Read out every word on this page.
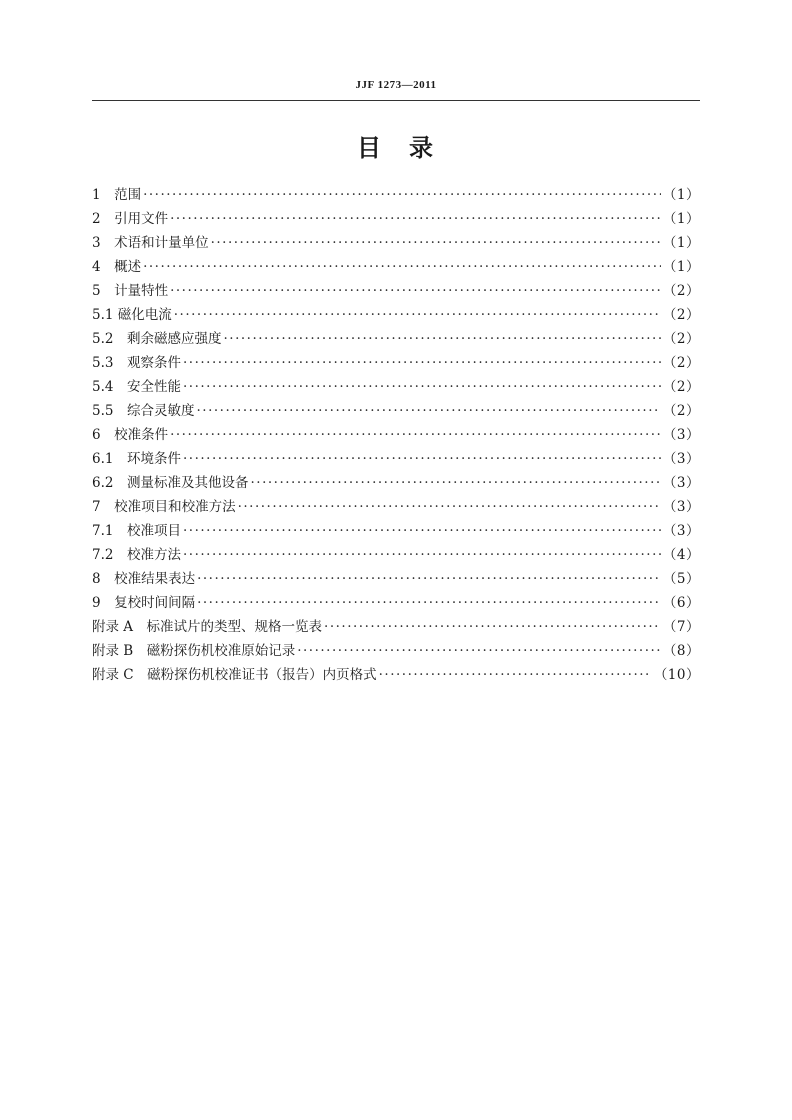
JJF 1273—2011
目　录
1　范围 ·····	（1）
2　引用文件 ·····	（1）
3　术语和计量单位 ·····	（1）
4　概述 ·····	（1）
5　计量特性 ·····	（2）
5.1 磁化电流 ·····	（2）
5.2　剩余磁感应强度 ·····	（2）
5.3　观察条件 ·····	（2）
5.4　安全性能 ·····	（2）
5.5　综合灵敏度 ·····	（2）
6　校准条件 ·····	（3）
6.1　环境条件 ·····	（3）
6.2　测量标准及其他设备 ·····	（3）
7　校准项目和校准方法 ·····	（3）
7.1　校准项目 ·····	（3）
7.2　校准方法 ·····	（4）
8　校准结果表达 ·····	（5）
9　复校时间间隔 ·····	（6）
附录 A　标准试片的类型、规格一览表 ·····	（7）
附录 B　磁粉探伤机校准原始记录 ·····	（8）
附录 C　磁粉探伤机校准证书（报告）内页格式 ·····	（10）
